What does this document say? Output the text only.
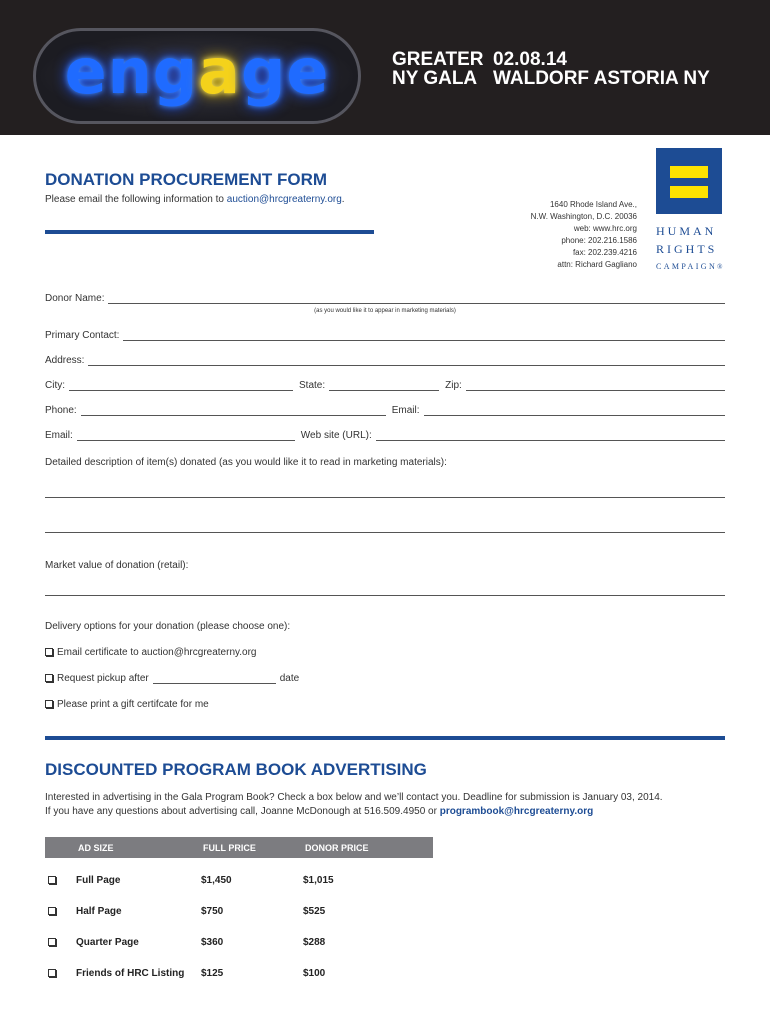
engage	GREATER 02.08.14
NY GALA WALDORF ASTORIA NY
DONATION PROCUREMENT FORM
Please email the following information to auction@hrcgreaterny.org.	1640 Rhode Island Ave.,
N.W. Washington, D.C. 20036
web: www.hrc.org
phone: 202.216.1586
fax: 202.239.4216
attn: Richard Gagliano
HUMAN
RIGHTS
CAMPAIGN®
Donor Name:
(as you would like it to appear in marketing materials)
Primary Contact:
Address:
City:	State:	Zip:
Phone:	Email:
Email:	Web site (URL):
Detailed description of item(s) donated (as you would like it to read in marketing materials):
Market value of donation (retail):
Delivery options for your donation (please choose one):
Email certificate to auction@hrcgreaterny.org
Request pickup after	date
Please print a gift certifcate for me
DISCOUNTED PROGRAM BOOK ADVERTISING
Interested in advertising in the Gala Program Book? Check a box below and we’ll contact you. Deadline for submission is January 03, 2014.
If you have any questions about advertising call, Joanne McDonough at 516.509.4950 or programbook@hrcgreaterny.org
AD SIZE	FULL PRICE	DONOR PRICE
Full Page	$1,450	$1,015
Half Page	$750	$525
Quarter Page	$360	$288
Friends of HRC Listing $125	$100
